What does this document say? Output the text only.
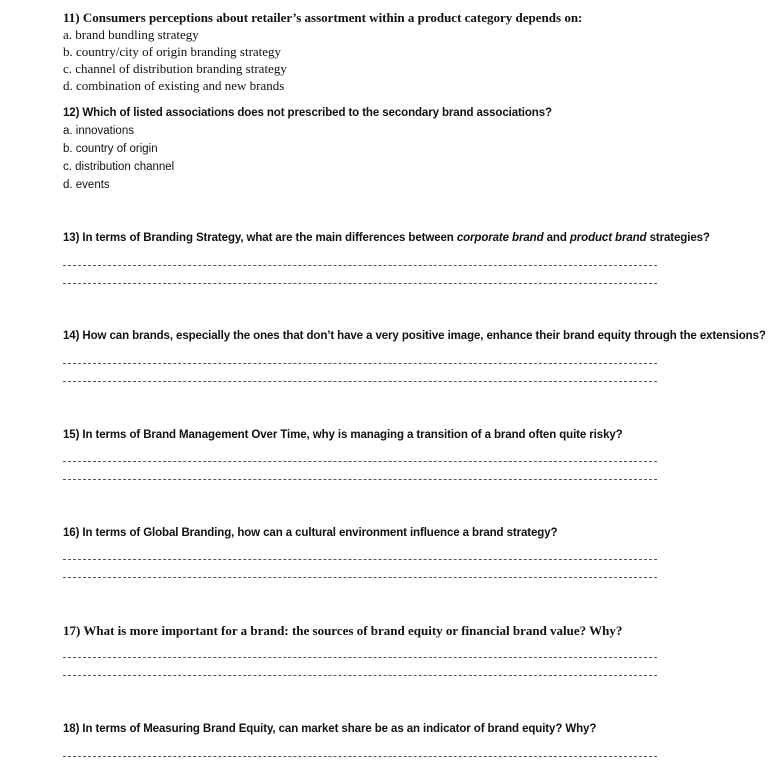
11) Consumers perceptions about retailer’s assortment within a product category depends on:
a. brand bundling strategy
b. country/city of origin branding strategy
c. channel of distribution branding strategy
d. combination of existing and new brands
12) Which of listed associations does not prescribed to the secondary brand associations?
a. innovations
b. country of origin
c. distribution channel
d. events
13) In terms of Branding Strategy, what are the main differences between corporate brand and product brand strategies?
14) How can brands, especially the ones that don’t have a very positive image, enhance their brand equity through the extensions?
15) In terms of Brand Management Over Time, why is managing a transition of a brand often quite risky?
16) In terms of Global Branding, how can a cultural environment influence a brand strategy?
17) What is more important for a brand: the sources of brand equity or financial brand value? Why?
18) In terms of Measuring Brand Equity, can market share be as an indicator of brand equity? Why?
